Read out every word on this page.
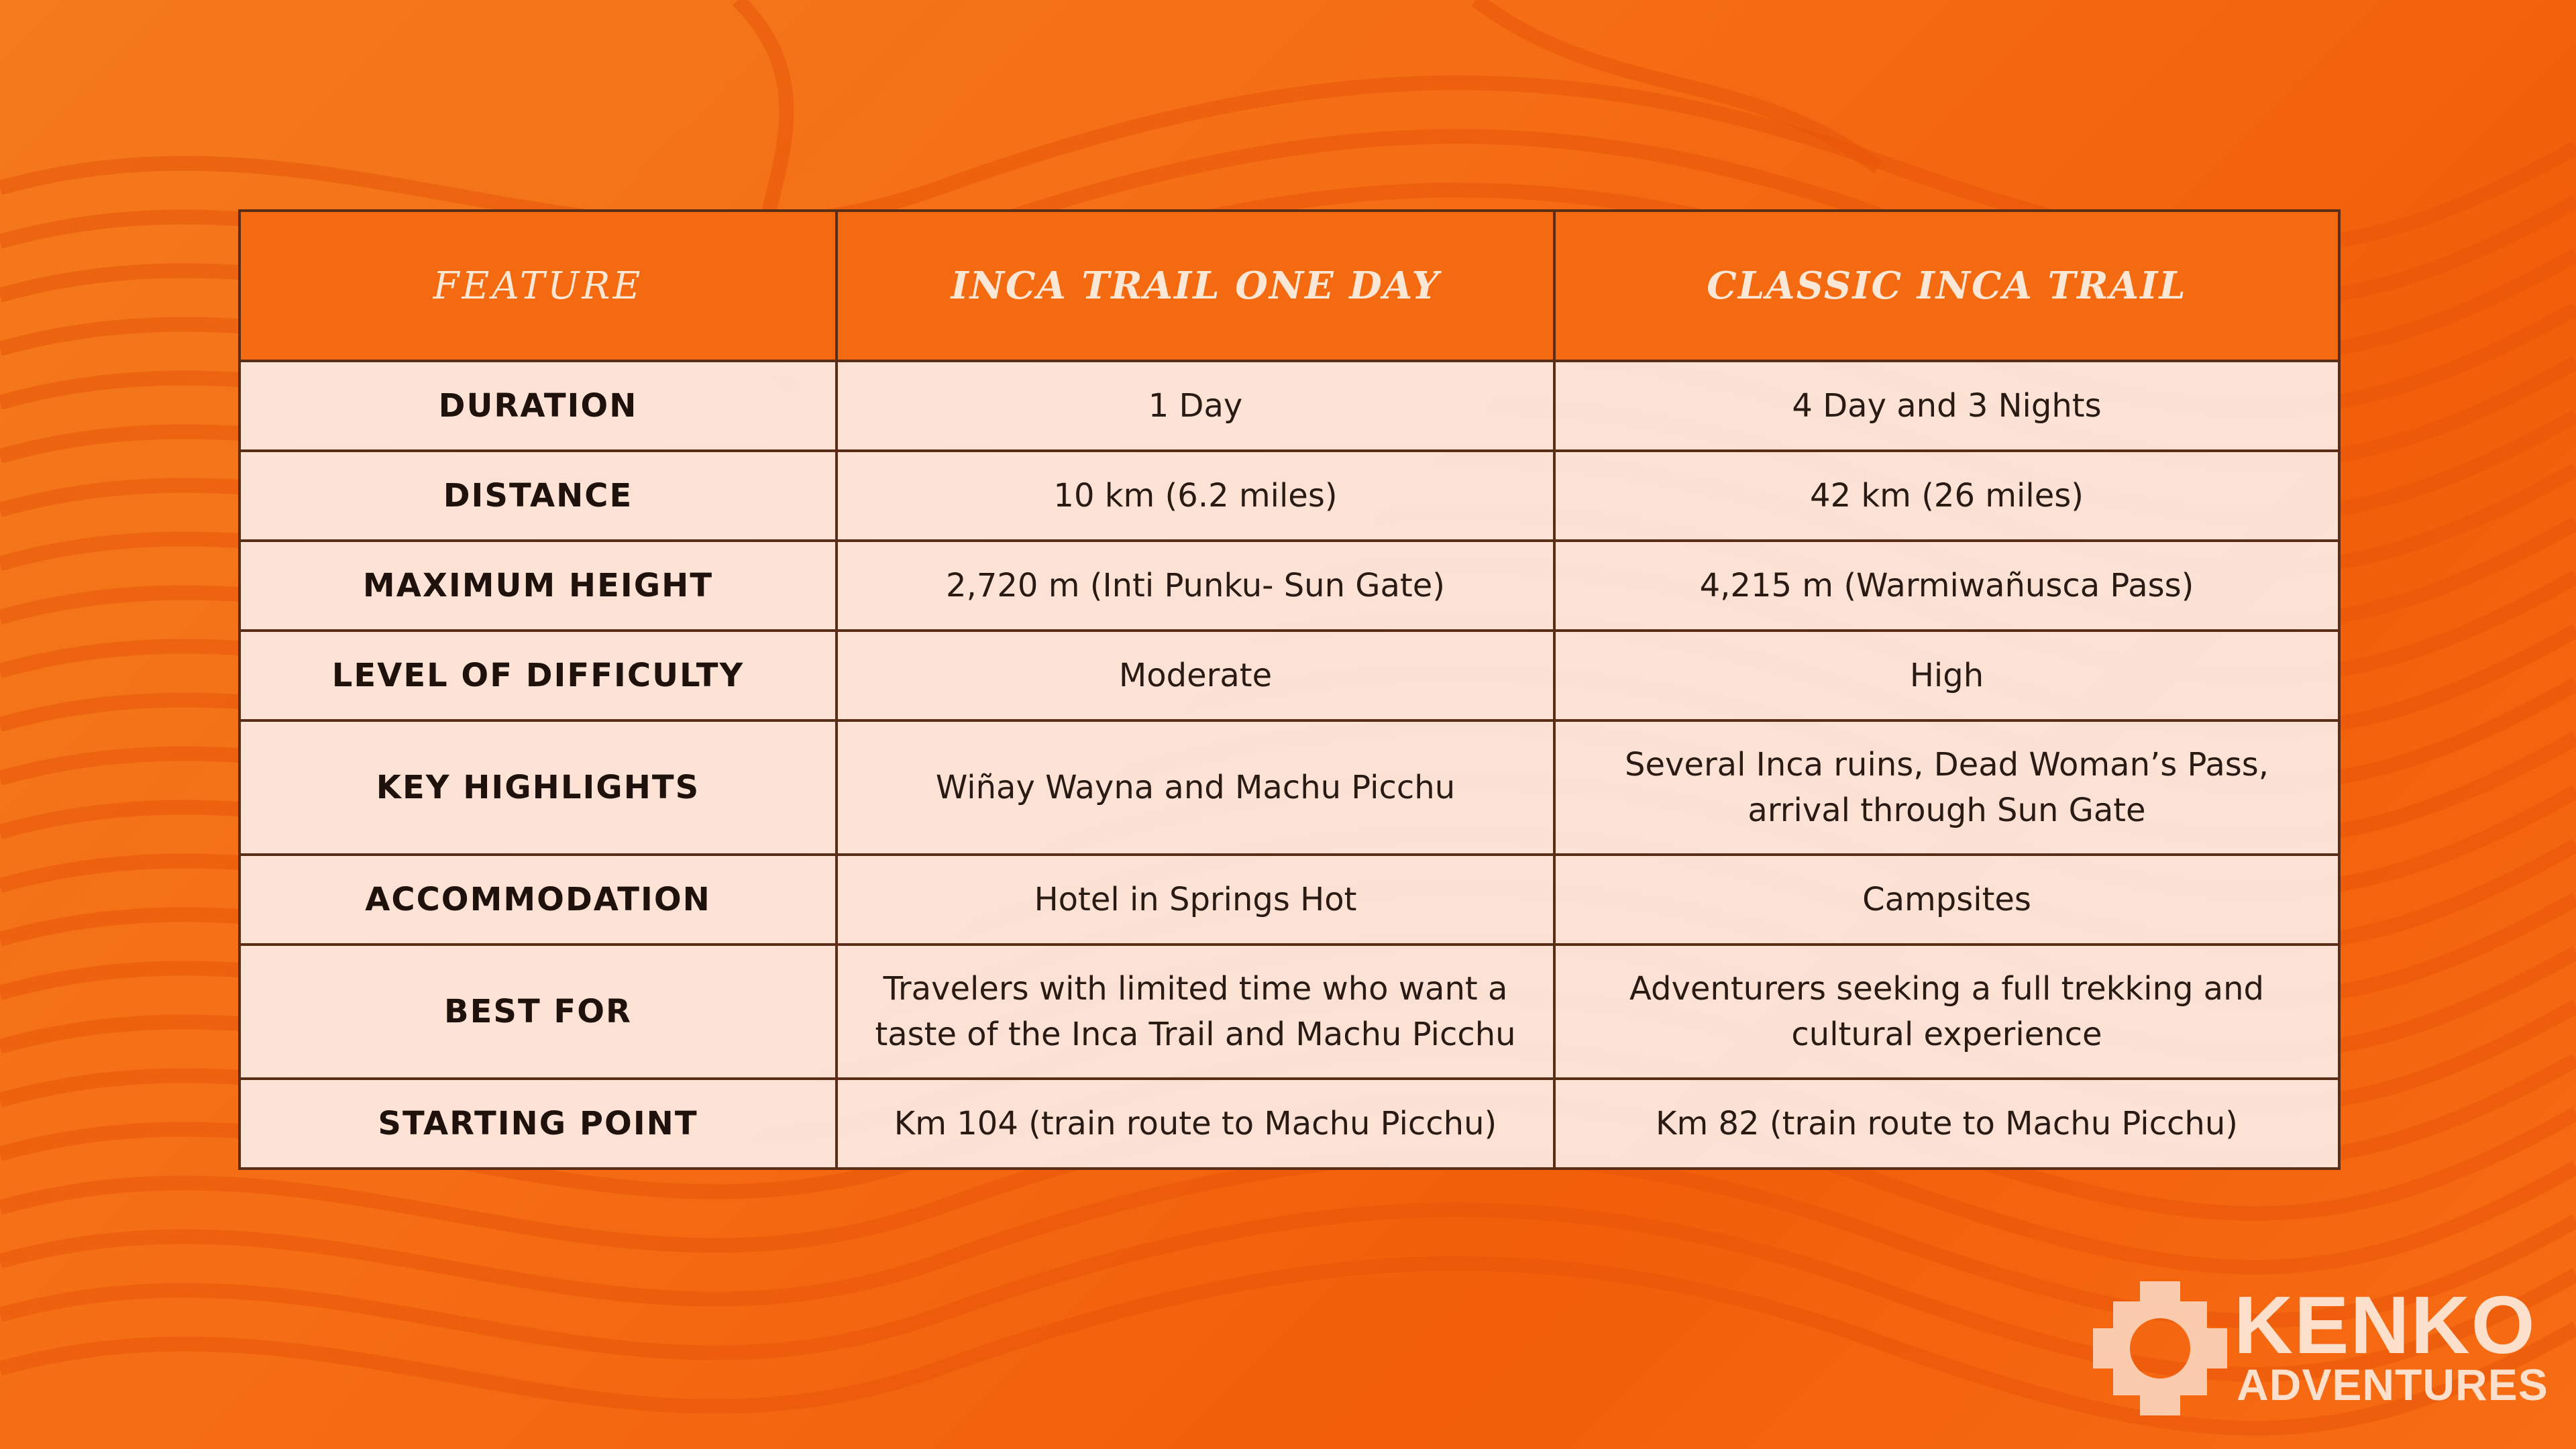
FEATURE	INCA TRAIL ONE DAY	CLASSIC INCA TRAIL
DURATION	1 Day	4 Day and 3 Nights
DISTANCE	10 km (6.2 miles)	42 km (26 miles)
MAXIMUM HEIGHT	2,720 m (Inti Punku- Sun Gate)	4,215 m (Warmiwañusca Pass)
LEVEL OF DIFFICULTY	Moderate	High
KEY HIGHLIGHTS	Wiñay Wayna and Machu Picchu	Several Inca ruins, Dead Woman’s Pass, arrival through Sun Gate
ACCOMMODATION	Hotel in Springs Hot	Campsites
BEST FOR	Travelers with limited time who want a taste of the Inca Trail and Machu Picchu	Adventurers seeking a full trekking and cultural experience
STARTING POINT	Km 104 (train route to Machu Picchu)	Km 82 (train route to Machu Picchu)
KENKO
ADVENTURES
